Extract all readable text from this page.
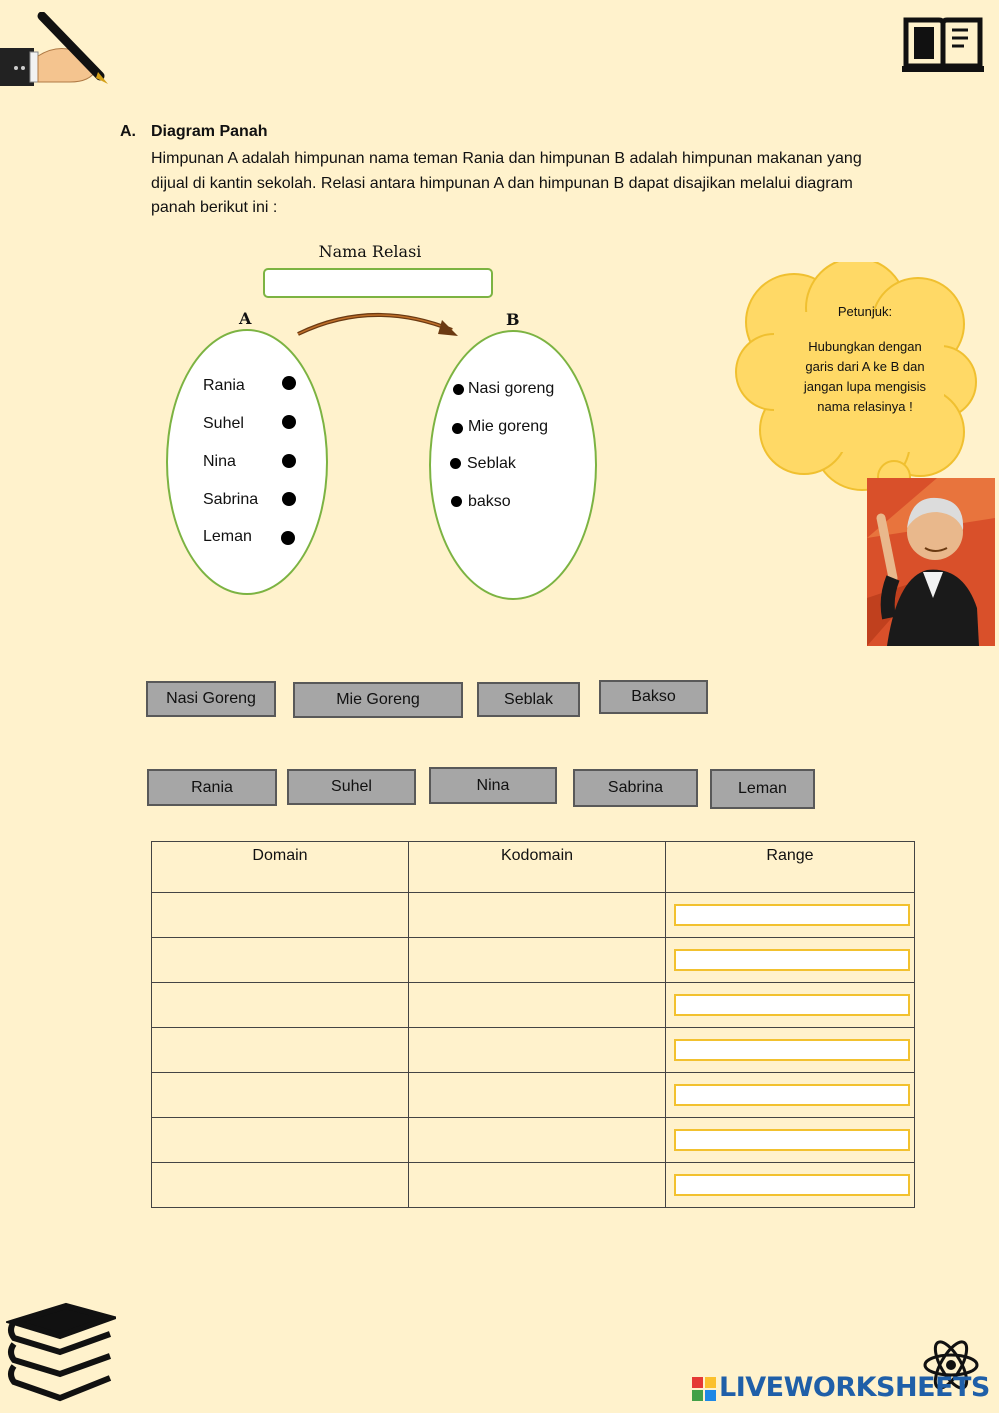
A. Diagram Panah
Himpunan A adalah himpunan nama teman Rania dan himpunan B adalah himpunan makanan yang dijual di kantin sekolah. Relasi antara himpunan A dan himpunan B dapat disajikan melalui diagram panah berikut ini :
Nama Relasi
A	B
Rania
Suhel
Nina
Sabrina
Leman
Nasi goreng
Mie goreng
Seblak
bakso
Petunjuk:
Hubungkan dengan
garis dari A ke B dan
jangan lupa mengisis
nama relasinya !
Nasi Goreng	Mie Goreng	Seblak	Bakso
Rania	Suhel	Nina	Sabrina	Leman
Domain	Kodomain	Range

LIVEWORKSHEETS
